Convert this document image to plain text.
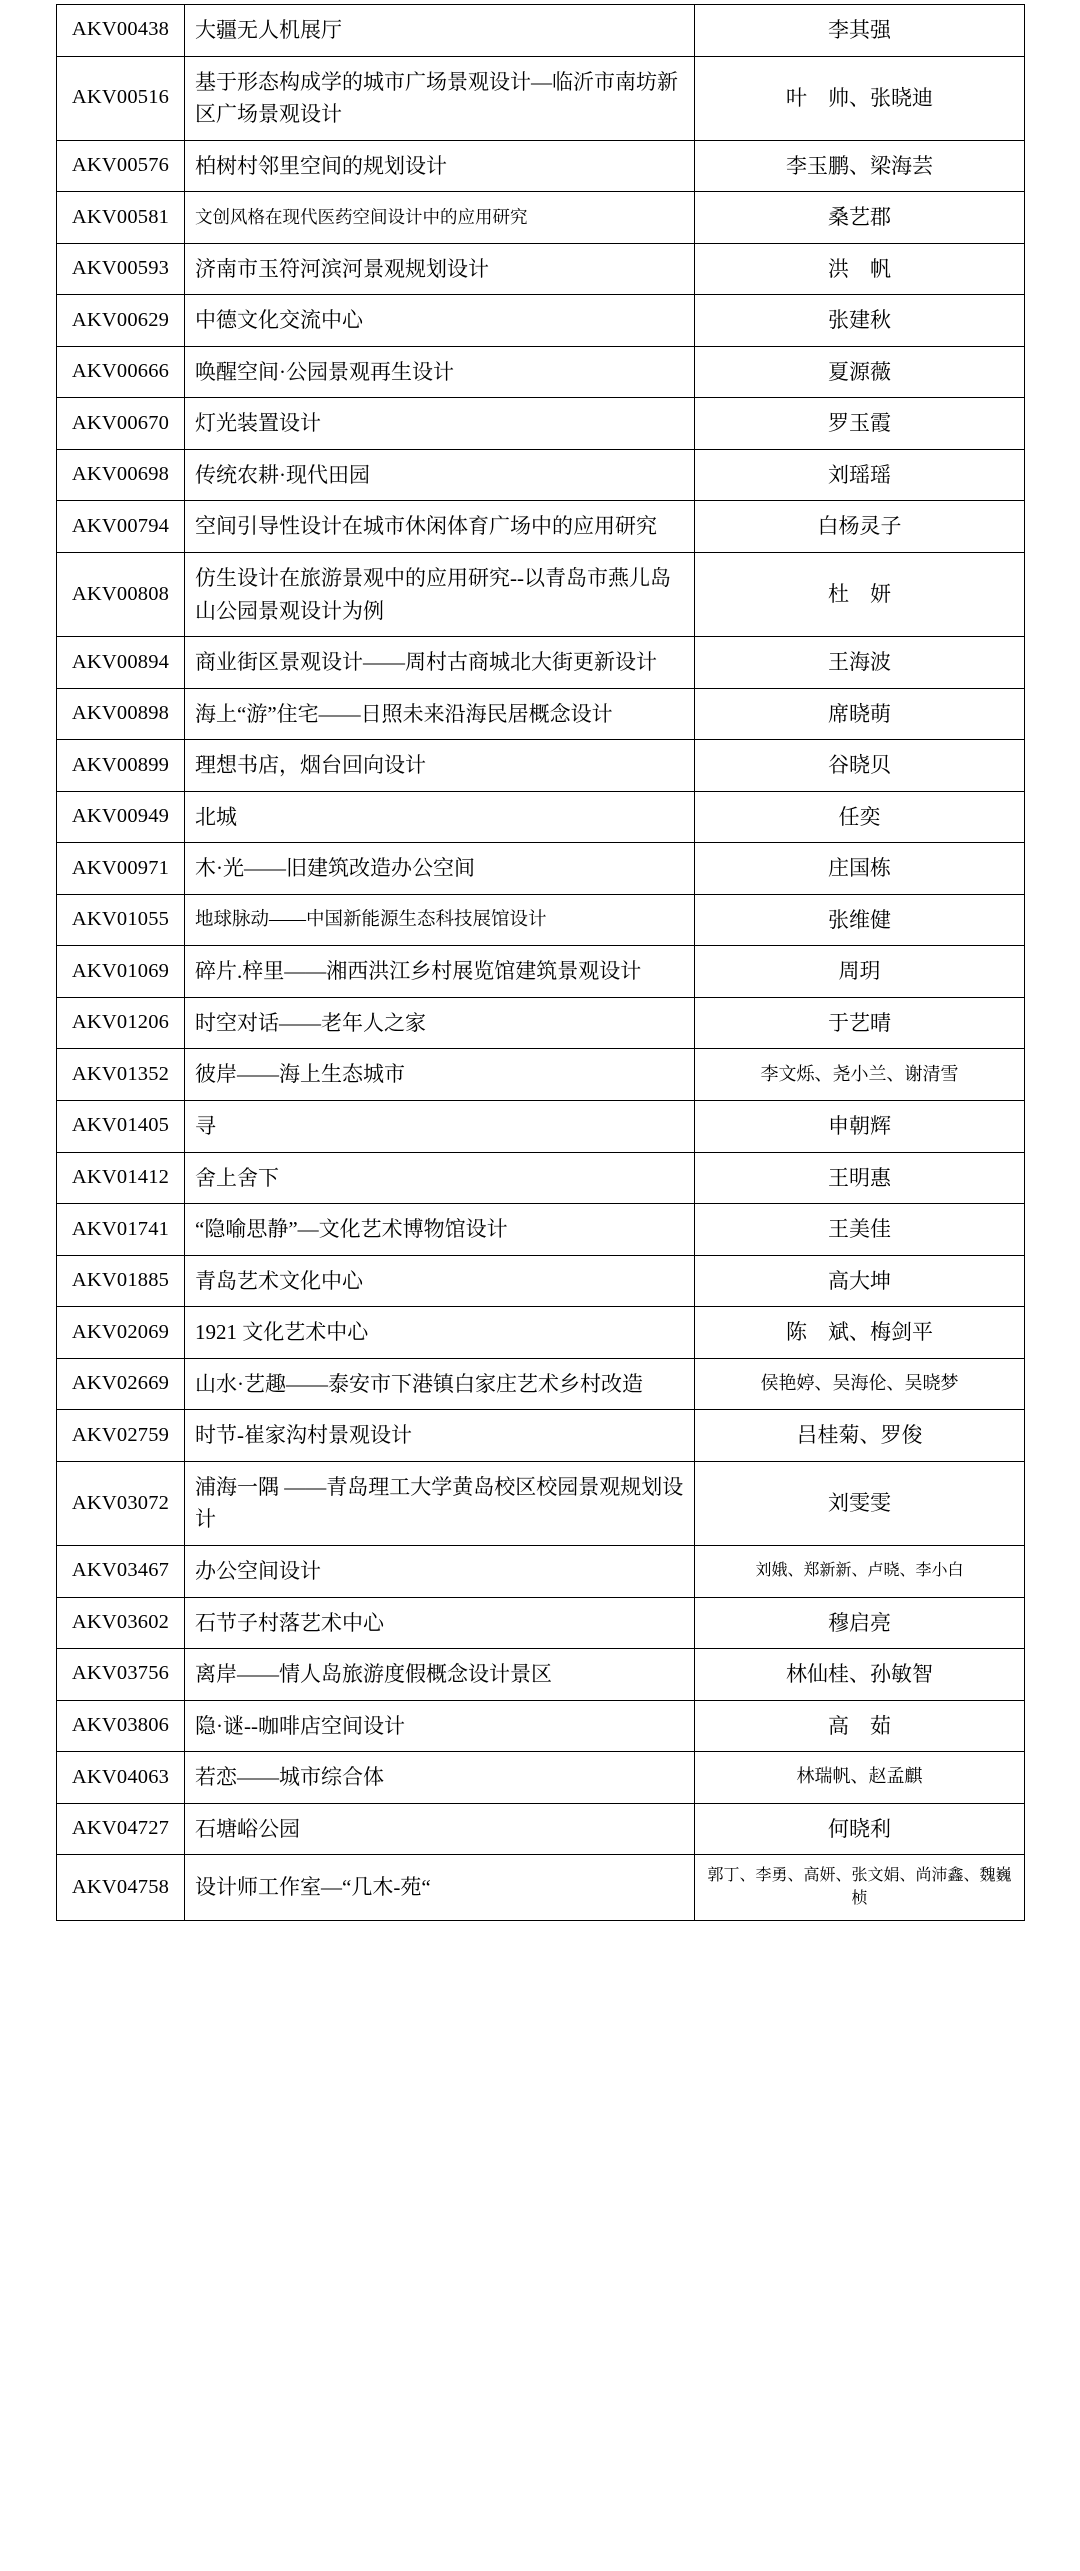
AKV00438	大疆无人机展厅	李其强

AKV00516	基于形态构成学的城市广场景观设计—临沂市南坊新区广场景观设计	叶　帅、张晓迪

AKV00576	柏树村邻里空间的规划设计	李玉鹏、梁海芸

AKV00581	文创风格在现代医药空间设计中的应用研究	桑艺郡

AKV00593	济南市玉符河滨河景观规划设计	洪　帆

AKV00629	中德文化交流中心	张建秋

AKV00666	唤醒空间·公园景观再生设计	夏源薇

AKV00670	灯光装置设计	罗玉霞

AKV00698	传统农耕·现代田园	刘瑶瑶

AKV00794	空间引导性设计在城市休闲体育广场中的应用研究	白杨灵子

AKV00808	仿生设计在旅游景观中的应用研究--以青岛市燕儿岛山公园景观设计为例	杜　妍

AKV00894	商业街区景观设计——周村古商城北大街更新设计	王海波

AKV00898	海上“游”住宅——日照未来沿海民居概念设计	席晓萌

AKV00899	理想书店，烟台回向设计	谷晓贝

AKV00949	北城	任奕

AKV00971	木·光——旧建筑改造办公空间	庄国栋

AKV01055	地球脉动——中国新能源生态科技展馆设计	张维健

AKV01069	碎片.梓里——湘西洪江乡村展览馆建筑景观设计	周玥

AKV01206	时空对话——老年人之家	于艺晴

AKV01352	彼岸——海上生态城市	李文烁、尧小兰、谢清雪

AKV01405	寻	申朝辉

AKV01412	舍上舍下	王明惠

AKV01741	“隐喻思静”—文化艺术博物馆设计	王美佳

AKV01885	青岛艺术文化中心	高大坤

AKV02069	1921 文化艺术中心	陈　斌、梅剑平

AKV02669	山水·艺趣——泰安市下港镇白家庄艺术乡村改造	侯艳婷、吴海伦、吴晓梦

AKV02759	时节-崔家沟村景观设计	吕桂菊、罗俊

AKV03072	浦海一隅 ——青岛理工大学黄岛校区校园景观规划设计	刘雯雯

AKV03467	办公空间设计	刘娥、郑新新、卢晓、李小白

AKV03602	石节子村落艺术中心	穆启亮

AKV03756	离岸——情人岛旅游度假概念设计景区	林仙桂、孙敏智

AKV03806	隐·谜--咖啡店空间设计	高　茹

AKV04063	若恋——城市综合体	林瑞帆、赵孟麒

AKV04727	石塘峪公园	何晓利

AKV04758	设计师工作室—“几木-苑“	郭丁、李勇、高妍、张文娟、尚沛鑫、魏巍桢
